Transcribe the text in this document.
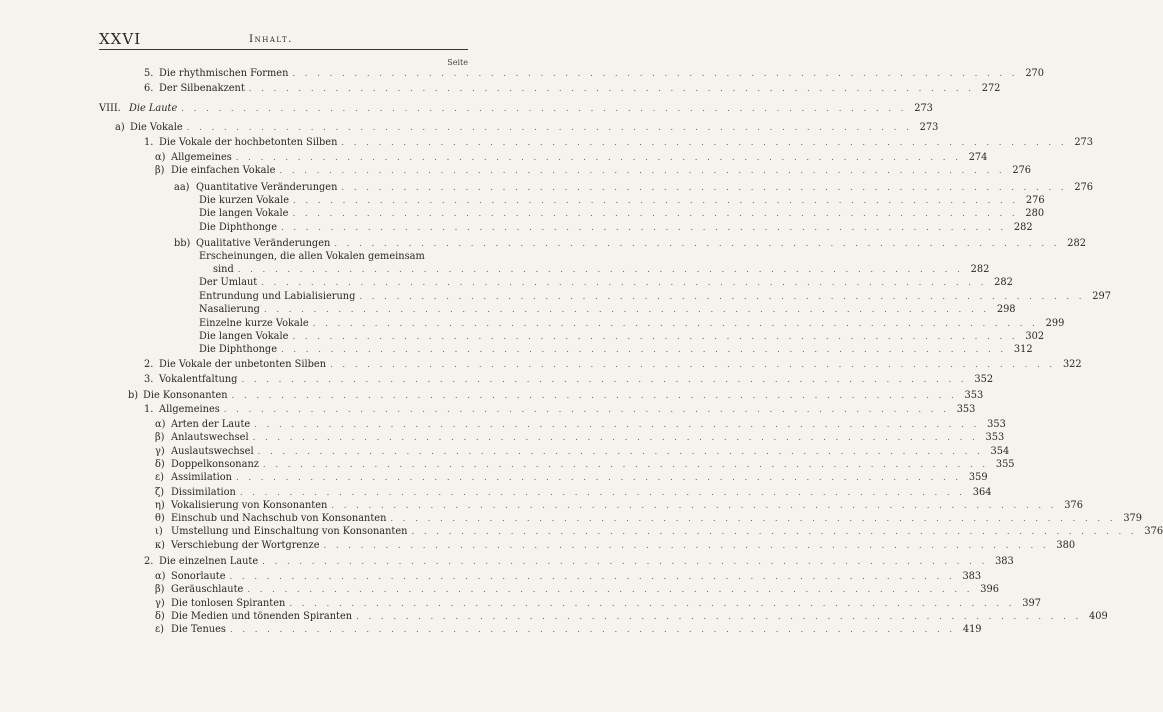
XXVI	Inhalt.
Seite
5. Die rhythmischen Formen . . . . . . . . . . . . . . . . . . . . . . . . . . . . . . . . . . . . . . . . . . . . . . . . . . . . . . . . . . . 270
6. Der Silbenakzent . . . . . . . . . . . . . . . . . . . . . . . . . . . . . . . . . . . . . . . . . . . . . . . . . . . . . . . . . . . 272
VIII. Die Laute . . . . . . . . . . . . . . . . . . . . . . . . . . . . . . . . . . . . . . . . . . . . . . . . . . . . . . . . . . . 273
a) Die Vokale . . . . . . . . . . . . . . . . . . . . . . . . . . . . . . . . . . . . . . . . . . . . . . . . . . . . . . . . . . . 273
1. Die Vokale der hochbetonten Silben . . . . . . . . . . . . . . . . . . . . . . . . . . . . . . . . . . . . . . . . . . . . . . . . . . . . . . . . . . . 273
α) Allgemeines . . . . . . . . . . . . . . . . . . . . . . . . . . . . . . . . . . . . . . . . . . . . . . . . . . . . . . . . . . . 274
β) Die einfachen Vokale . . . . . . . . . . . . . . . . . . . . . . . . . . . . . . . . . . . . . . . . . . . . . . . . . . . . . . . . . . . 276
aa) Quantitative Veränderungen . . . . . . . . . . . . . . . . . . . . . . . . . . . . . . . . . . . . . . . . . . . . . . . . . . . . . . . . . . . 276
Die kurzen Vokale . . . . . . . . . . . . . . . . . . . . . . . . . . . . . . . . . . . . . . . . . . . . . . . . . . . . . . . . . . . 276
Die langen Vokale . . . . . . . . . . . . . . . . . . . . . . . . . . . . . . . . . . . . . . . . . . . . . . . . . . . . . . . . . . . 280
Die Diphthonge . . . . . . . . . . . . . . . . . . . . . . . . . . . . . . . . . . . . . . . . . . . . . . . . . . . . . . . . . . . 282
bb) Qualitative Veränderungen . . . . . . . . . . . . . . . . . . . . . . . . . . . . . . . . . . . . . . . . . . . . . . . . . . . . . . . . . . . 282
Erscheinungen, die allen Vokalen gemeinsam
sind . . . . . . . . . . . . . . . . . . . . . . . . . . . . . . . . . . . . . . . . . . . . . . . . . . . . . . . . . . . 282
Der Umlaut . . . . . . . . . . . . . . . . . . . . . . . . . . . . . . . . . . . . . . . . . . . . . . . . . . . . . . . . . . . 282
Entrundung und Labialisierung . . . . . . . . . . . . . . . . . . . . . . . . . . . . . . . . . . . . . . . . . . . . . . . . . . . . . . . . . . . 297
Nasalierung . . . . . . . . . . . . . . . . . . . . . . . . . . . . . . . . . . . . . . . . . . . . . . . . . . . . . . . . . . . 298
Einzelne kurze Vokale . . . . . . . . . . . . . . . . . . . . . . . . . . . . . . . . . . . . . . . . . . . . . . . . . . . . . . . . . . . 299
Die langen Vokale . . . . . . . . . . . . . . . . . . . . . . . . . . . . . . . . . . . . . . . . . . . . . . . . . . . . . . . . . . . 302
Die Diphthonge . . . . . . . . . . . . . . . . . . . . . . . . . . . . . . . . . . . . . . . . . . . . . . . . . . . . . . . . . . . 312
2. Die Vokale der unbetonten Silben . . . . . . . . . . . . . . . . . . . . . . . . . . . . . . . . . . . . . . . . . . . . . . . . . . . . . . . . . . . 322
3. Vokalentfaltung . . . . . . . . . . . . . . . . . . . . . . . . . . . . . . . . . . . . . . . . . . . . . . . . . . . . . . . . . . . 352
b) Die Konsonanten . . . . . . . . . . . . . . . . . . . . . . . . . . . . . . . . . . . . . . . . . . . . . . . . . . . . . . . . . . . 353
1. Allgemeines . . . . . . . . . . . . . . . . . . . . . . . . . . . . . . . . . . . . . . . . . . . . . . . . . . . . . . . . . . . 353
α) Arten der Laute . . . . . . . . . . . . . . . . . . . . . . . . . . . . . . . . . . . . . . . . . . . . . . . . . . . . . . . . . . . 353
β) Anlautswechsel . . . . . . . . . . . . . . . . . . . . . . . . . . . . . . . . . . . . . . . . . . . . . . . . . . . . . . . . . . . 353
γ) Auslautswechsel . . . . . . . . . . . . . . . . . . . . . . . . . . . . . . . . . . . . . . . . . . . . . . . . . . . . . . . . . . . 354
δ) Doppelkonsonanz . . . . . . . . . . . . . . . . . . . . . . . . . . . . . . . . . . . . . . . . . . . . . . . . . . . . . . . . . . . 355
ε) Assimilation . . . . . . . . . . . . . . . . . . . . . . . . . . . . . . . . . . . . . . . . . . . . . . . . . . . . . . . . . . . 359
ζ) Dissimilation . . . . . . . . . . . . . . . . . . . . . . . . . . . . . . . . . . . . . . . . . . . . . . . . . . . . . . . . . . . 364
η) Vokalisierung von Konsonanten . . . . . . . . . . . . . . . . . . . . . . . . . . . . . . . . . . . . . . . . . . . . . . . . . . . . . . . . . . . 376
θ) Einschub und Nachschub von Konsonanten . . . . . . . . . . . . . . . . . . . . . . . . . . . . . . . . . . . . . . . . . . . . . . . . . . . . . . . . . . . 379
ι) Umstellung und Einschaltung von Konsonanten . . . . . . . . . . . . . . . . . . . . . . . . . . . . . . . . . . . . . . . . . . . . . . . . . . . . . . . . . . . 376
κ) Verschiebung der Wortgrenze . . . . . . . . . . . . . . . . . . . . . . . . . . . . . . . . . . . . . . . . . . . . . . . . . . . . . . . . . . . 380
2. Die einzelnen Laute . . . . . . . . . . . . . . . . . . . . . . . . . . . . . . . . . . . . . . . . . . . . . . . . . . . . . . . . . . . 383
α) Sonorlaute . . . . . . . . . . . . . . . . . . . . . . . . . . . . . . . . . . . . . . . . . . . . . . . . . . . . . . . . . . . 383
β) Geräuschlaute . . . . . . . . . . . . . . . . . . . . . . . . . . . . . . . . . . . . . . . . . . . . . . . . . . . . . . . . . . . 396
γ) Die tonlosen Spiranten . . . . . . . . . . . . . . . . . . . . . . . . . . . . . . . . . . . . . . . . . . . . . . . . . . . . . . . . . . . 397
δ) Die Medien und tönenden Spiranten . . . . . . . . . . . . . . . . . . . . . . . . . . . . . . . . . . . . . . . . . . . . . . . . . . . . . . . . . . . 409
ε) Die Tenues . . . . . . . . . . . . . . . . . . . . . . . . . . . . . . . . . . . . . . . . . . . . . . . . . . . . . . . . . . . 419
